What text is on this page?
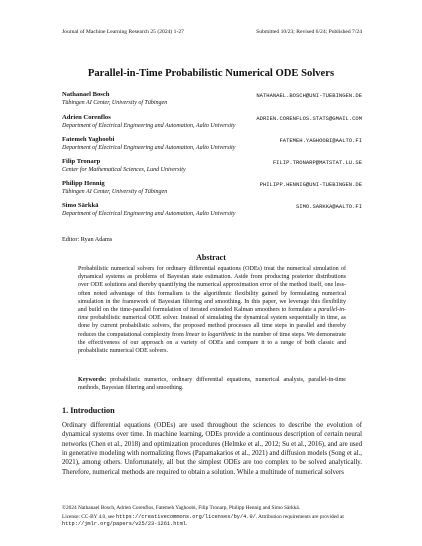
Journal of Machine Learning Research 25 (2024) 1-27	Submitted 10/23; Revised 6/24; Published 7/24
Parallel-in-Time Probabilistic Numerical ODE Solvers
Nathanael Bosch	NATHANAEL.BOSCH@UNI-TUEBINGEN.DE
Tübingen AI Center, University of Tübingen
Adrien Corenflos	ADRIEN.CORENFLOS.STATS@GMAIL.COM
Department of Electrical Engineering and Automation, Aalto University
Fatemeh Yaghoobi	FATEMEH.YAGHOOBI@AALTO.FI
Department of Electrical Engineering and Automation, Aalto University
Filip Tronarp	FILIP.TRONARP@MATSTAT.LU.SE
Center for Mathematical Sciences, Lund University
Philipp Hennig	PHILIPP.HENNIG@UNI-TUEBINGEN.DE
Tübingen AI Center, University of Tübingen
Simo Särkkä	SIMO.SARKKA@AALTO.FI
Department of Electrical Engineering and Automation, Aalto University
Editor: Ryan Adams
Abstract
Probabilistic numerical solvers for ordinary differential equations (ODEs) treat the numerical simulation of dynamical systems as problems of Bayesian state estimation. Aside from producing posterior distributions over ODE solutions and thereby quantifying the numerical approximation error of the method itself, one less-often noted advantage of this formalism is the algorithmic flexibility gained by formulating numerical simulation in the framework of Bayesian filtering and smoothing. In this paper, we leverage this flexibility and build on the time-parallel formulation of iterated extended Kalman smoothers to formulate a parallel-in-time probabilistic numerical ODE solver. Instead of simulating the dynamical system sequentially in time, as done by current probabilistic solvers, the proposed method processes all time steps in parallel and thereby reduces the computational complexity from linear to logarithmic in the number of time steps. We demonstrate the effectiveness of our approach on a variety of ODEs and compare it to a range of both classic and probabilistic numerical ODE solvers.
Keywords: probabilistic numerics, ordinary differential equations, numerical analysis, parallel-in-time methods, Bayesian filtering and smoothing.
1. Introduction
Ordinary differential equations (ODEs) are used throughout the sciences to describe the evolution of dynamical systems over time. In machine learning, ODEs provide a continuous description of certain neural networks (Chen et al., 2018) and optimization procedures (Helmke et al., 2012; Su et al., 2016), and are used in generative modeling with normalizing flows (Papamakarios et al., 2021) and diffusion models (Song et al., 2021), among others. Unfortunately, all but the simplest ODEs are too complex to be solved analytically. Therefore, numerical methods are required to obtain a solution. While a multitude of numerical solvers
©2024 Nathanael Bosch, Adrien Corenflos, Fatemeh Yaghoobi, Filip Tronarp, Philipp Hennig and Simo Särkkä.
License: CC-BY 4.0, see https://creativecommons.org/licenses/by/4.0/. Attribution requirements are provided at http://jmlr.org/papers/v25/23-1261.html.
